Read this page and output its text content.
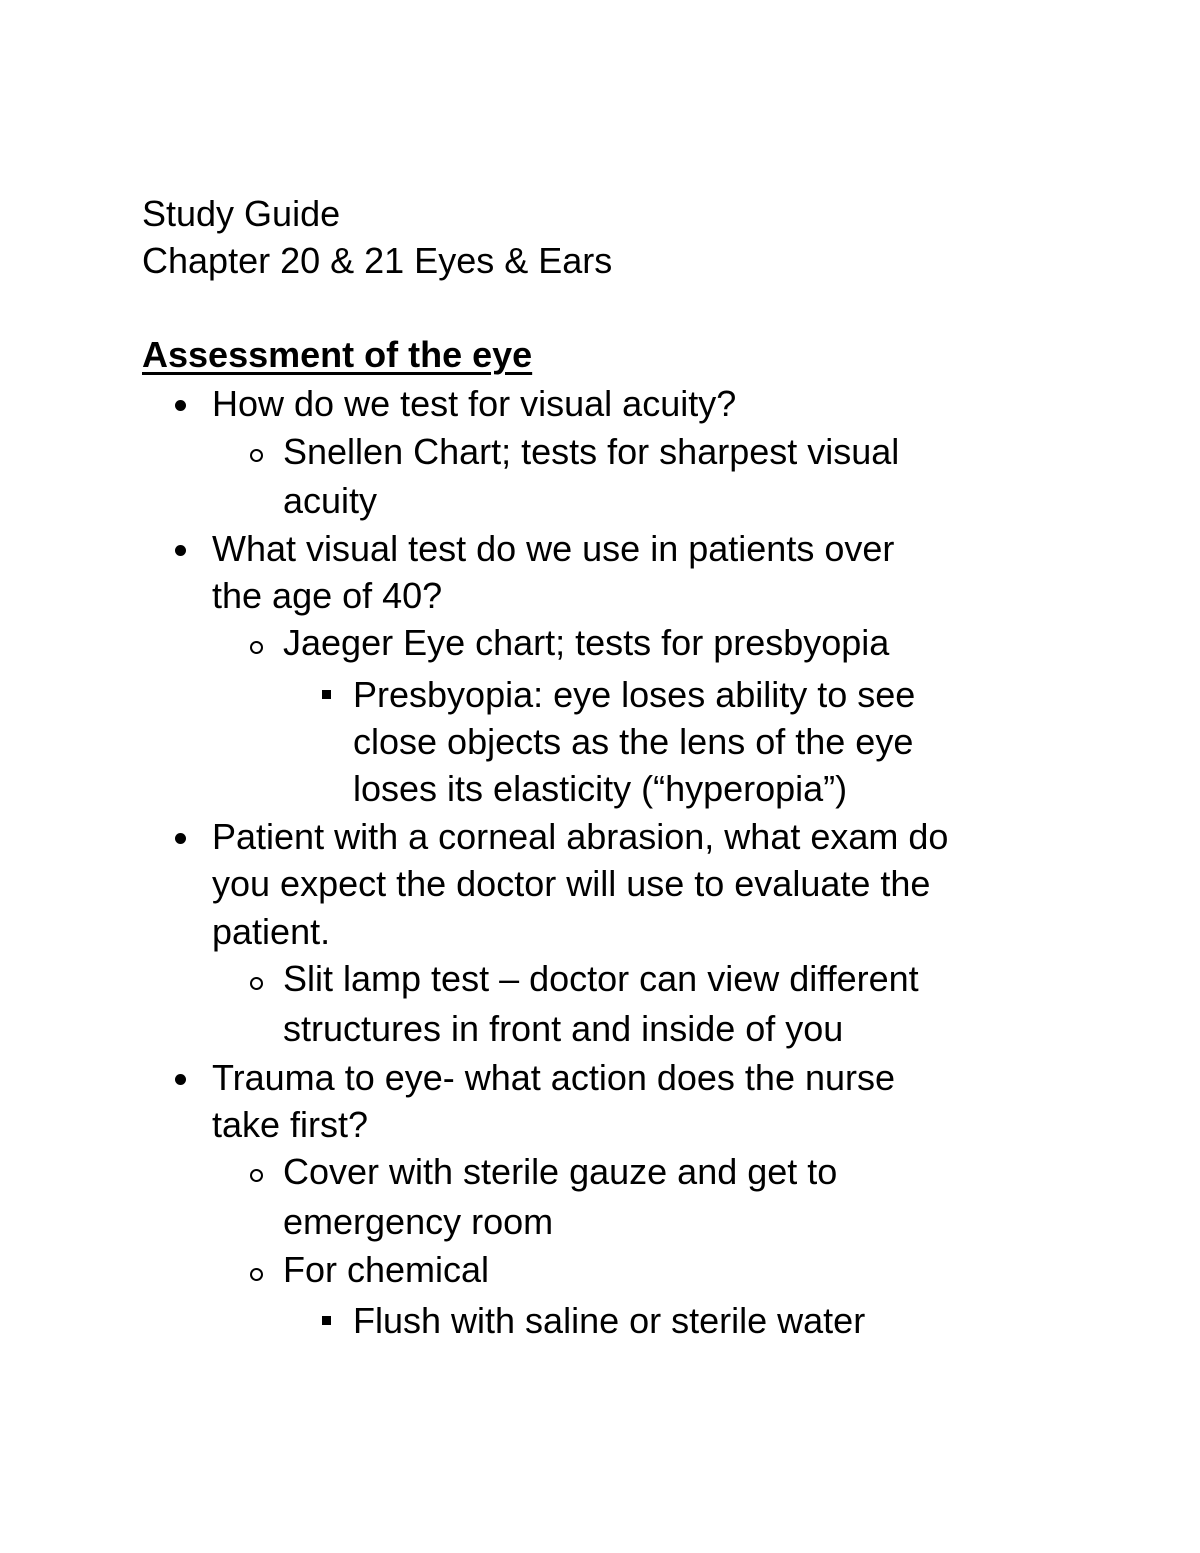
Study Guide

Chapter 20 & 21 Eyes & Ears

Assessment of the eye

How do we test for visual acuity?

Snellen Chart; tests for sharpest visual

acuity

What visual test do we use in patients over

the age of 40?

Jaeger Eye chart; tests for presbyopia

Presbyopia: eye loses ability to see

close objects as the lens of the eye

loses its elasticity (“hyperopia”)

Patient with a corneal abrasion, what exam do

you expect the doctor will use to evaluate the

patient.

Slit lamp test – doctor can view different

structures in front and inside of you

Trauma to eye- what action does the nurse

take first?

Cover with sterile gauze and get to

emergency room

For chemical

Flush with saline or sterile water
